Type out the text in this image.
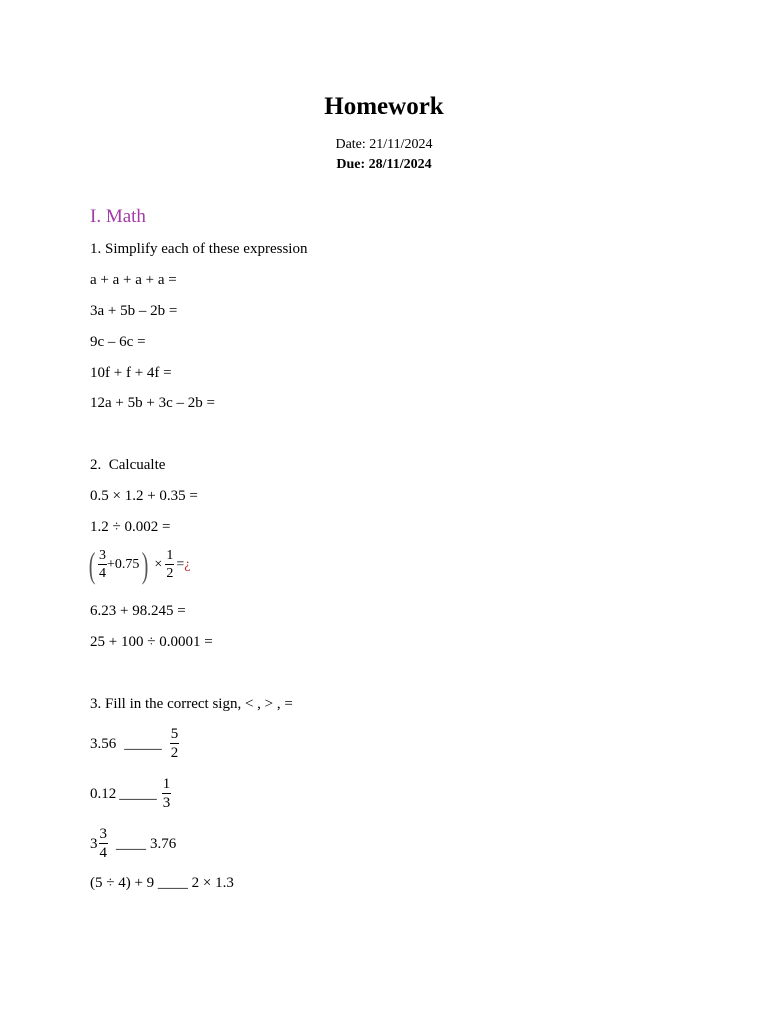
Homework
Date: 21/11/2024
Due: 28/11/2024
I. Math
1. Simplify each of these expression
a + a + a + a =
3a + 5b – 2b =
9c – 6c =
10f + f + 4f =
12a + 5b + 3c – 2b =
2.  Calcualte
0.5 × 1.2 + 0.35 =
1.2 ÷ 0.002 =
( $\frac{3}{4} +0.75$ ) × $\frac{1}{2}$ = ¿
6.23 + 98.245 =
25 + 100 ÷ 0.0001 =
3. Fill in the correct sign, < , > , =
3.56 _____ $\frac{5}{2}$
0.12 _____ $\frac{1}{3}$
$3 \frac{3}{4}$ ____ 3.76
(5 ÷ 4) + 9 ____ 2 × 1.3
